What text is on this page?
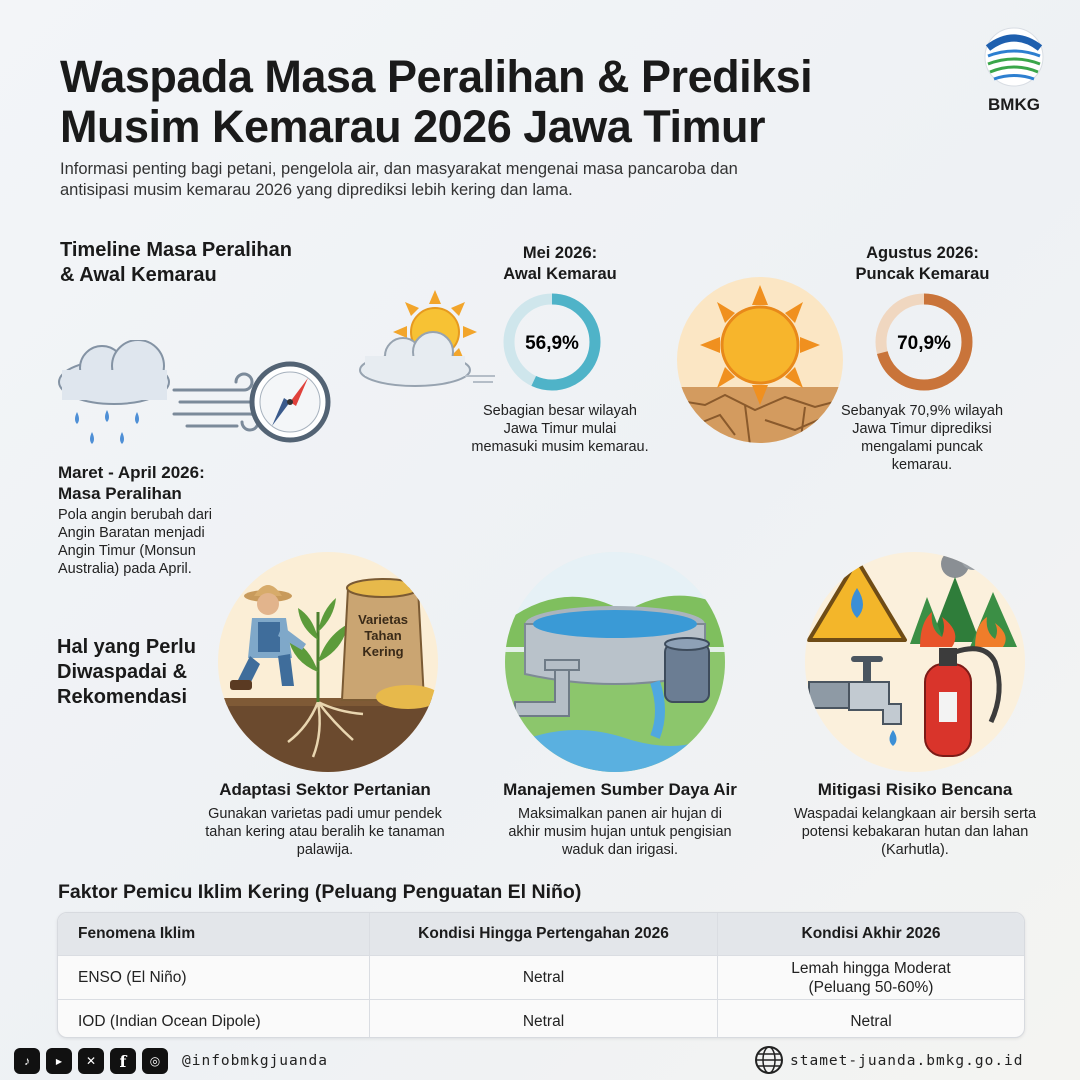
Waspada Masa Peralihan & Prediksi
Musim Kemarau 2026 Jawa Timur
Informasi penting bagi petani, pengelola air, dan masyarakat mengenai masa pancaroba dan antisipasi musim kemarau 2026 yang diprediksi lebih kering dan lama.
BMKG
Timeline Masa Peralihan
& Awal Kemarau
Maret - April 2026:
Masa Peralihan
Pola angin berubah dari Angin Baratan menjadi Angin Timur (Monsun Australia) pada April.
Mei 2026:
Awal Kemarau
56,9%
Sebagian besar wilayah Jawa Timur mulai memasuki musim kemarau.
Agustus 2026:
Puncak Kemarau
70,9%
Sebanyak 70,9% wilayah Jawa Timur diprediksi mengalami puncak kemarau.
Hal yang Perlu
Diwaspadai &
Rekomendasi
Varietas
Tahan
Kering
Adaptasi Sektor Pertanian
Gunakan varietas padi umur pendek tahan kering atau beralih ke tanaman palawija.
Manajemen Sumber Daya Air
Maksimalkan panen air hujan di akhir musim hujan untuk pengisian waduk dan irigasi.
Mitigasi Risiko Bencana
Waspadai kelangkaan air bersih serta potensi kebakaran hutan dan lahan (Karhutla).
Faktor Pemicu Iklim Kering (Peluang Penguatan El Niño)
Fenomena Iklim	Kondisi Hingga Pertengahan 2026	Kondisi Akhir 2026
ENSO (El Niño)	Netral	Lemah hingga Moderat
(Peluang 50-60%)
IOD (Indian Ocean Dipole)	Netral	Netral
♪	▶	✕	f	◎	@infobmkgjuanda	stamet-juanda.bmkg.go.id
